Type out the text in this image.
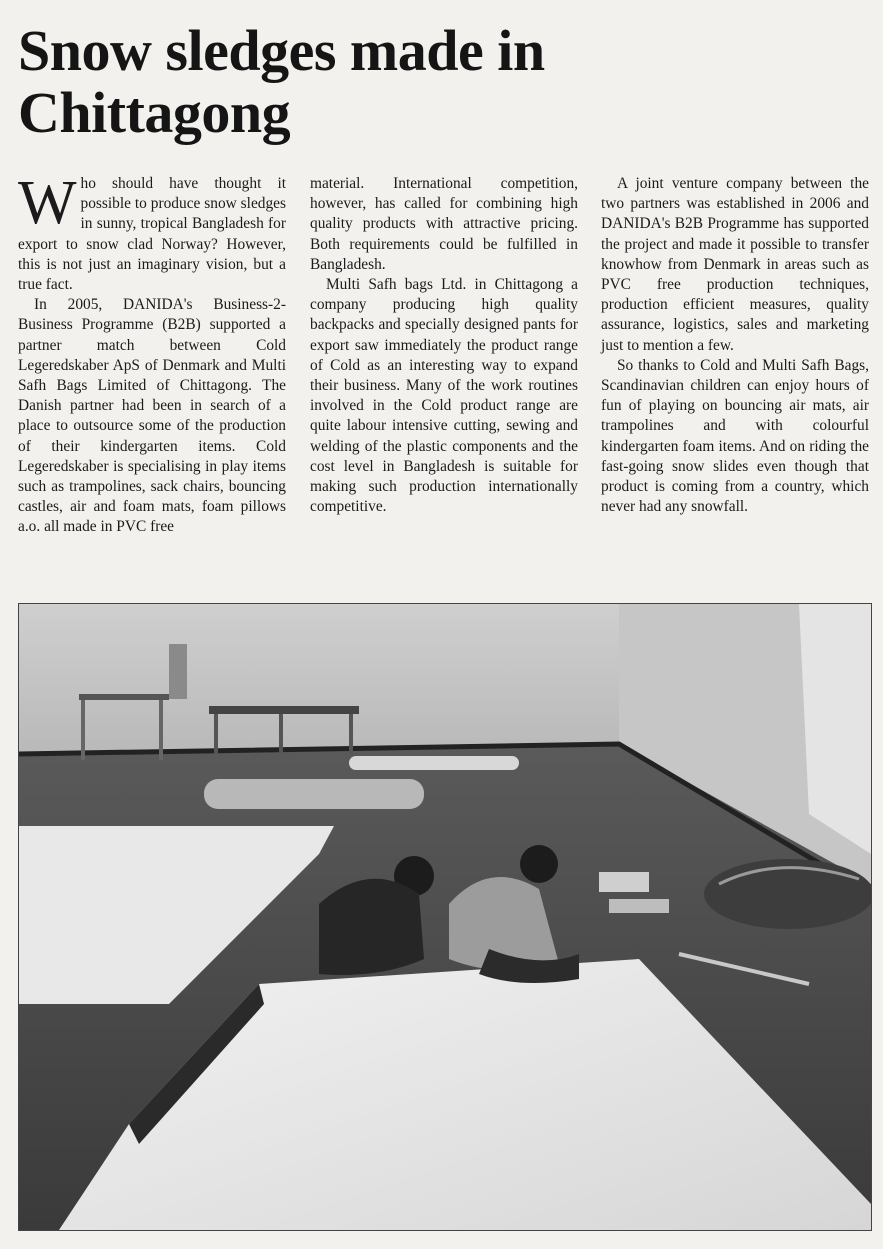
Snow sledges made in
Chittagong

Who should have thought it possible to produce snow sledges in sunny, tropical Bangladesh for export to snow clad Norway? However, this is not just an imaginary vision, but a true fact.

In 2005, DANIDA's Business-2-Business Programme (B2B) supported a partner match between Cold Legeredskaber ApS of Denmark and Multi Safh Bags Limited of Chittagong. The Danish partner had been in search of a place to outsource some of the production of their kindergarten items. Cold Legeredskaber is specialising in play items such as trampolines, sack chairs, bouncing castles, air and foam mats, foam pillows a.o. all made in PVC free

material. International competition, however, has called for combining high quality products with attractive pricing. Both requirements could be fulfilled in Bangladesh.

Multi Safh bags Ltd. in Chittagong a company producing high quality backpacks and specially designed pants for export saw immediately the product range of Cold as an interesting way to expand their business. Many of the work routines involved in the Cold product range are quite labour intensive cutting, sewing and welding of the plastic components and the cost level in Bangladesh is suitable for making such production internationally competitive.

A joint venture company between the two partners was established in 2006 and DANIDA's B2B Programme has supported the project and made it possible to transfer knowhow from Denmark in areas such as PVC free production techniques, production efficient measures, quality assurance, logistics, sales and marketing just to mention a few.

So thanks to Cold and Multi Safh Bags, Scandinavian children can enjoy hours of fun of playing on bouncing air mats, air trampolines and with colourful kindergarten foam items. And on riding the fast-going snow slides even though that product is coming from a country, which never had any snowfall.
